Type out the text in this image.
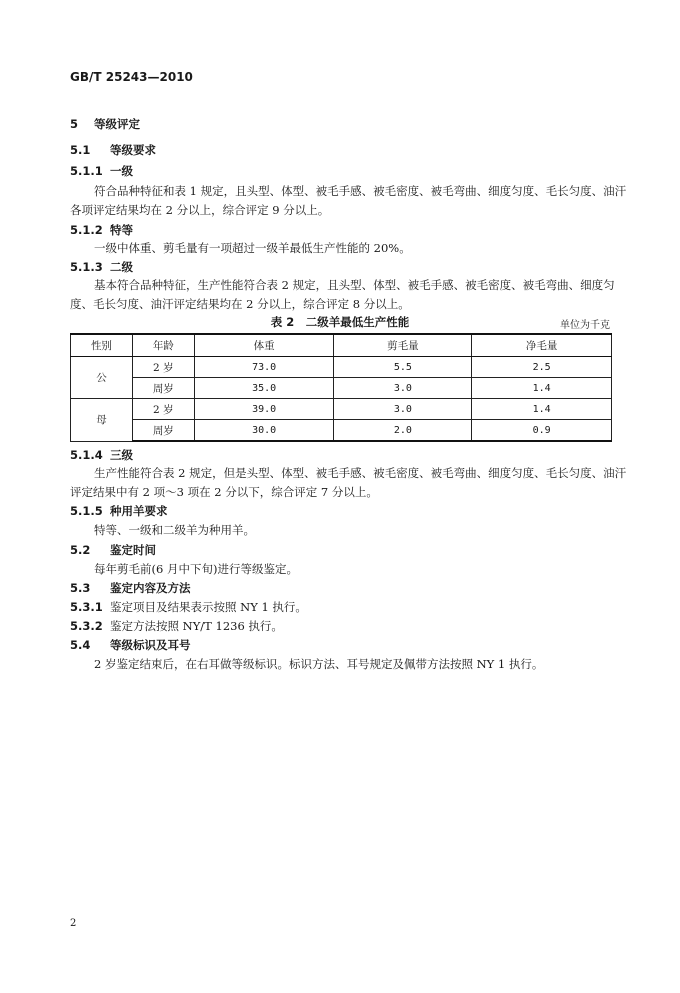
GB/T 25243—2010
5 等级评定
5.1 等级要求
5.1.1 一级
符合品种特征和表 1 规定，且头型、体型、被毛手感、被毛密度、被毛弯曲、细度匀度、毛长匀度、油汗
各项评定结果均在 2 分以上，综合评定 9 分以上。
5.1.2 特等
一级中体重、剪毛量有一项超过一级羊最低生产性能的 20%。
5.1.3 二级
基本符合品种特征，生产性能符合表 2 规定，且头型、体型、被毛手感、被毛密度、被毛弯曲、细度匀
度、毛长匀度、油汗评定结果均在 2 分以上，综合评定 8 分以上。
表 2　二级羊最低生产性能	单位为千克
性别	年龄	体重	剪毛量	净毛量
公	2 岁	73.0	5.5	2.5
	周岁	35.0	3.0	1.4
母	2 岁	39.0	3.0	1.4
	周岁	30.0	2.0	0.9
5.1.4 三级
生产性能符合表 2 规定，但是头型、体型、被毛手感、被毛密度、被毛弯曲、细度匀度、毛长匀度、油汗
评定结果中有 2 项～3 项在 2 分以下，综合评定 7 分以上。
5.1.5 种用羊要求
特等、一级和二级羊为种用羊。
5.2 鉴定时间
每年剪毛前(6 月中下旬)进行等级鉴定。
5.3 鉴定内容及方法
5.3.1 鉴定项目及结果表示按照 NY 1 执行。
5.3.2 鉴定方法按照 NY/T 1236 执行。
5.4 等级标识及耳号
2 岁鉴定结束后，在右耳做等级标识。标识方法、耳号规定及佩带方法按照 NY 1 执行。
2
